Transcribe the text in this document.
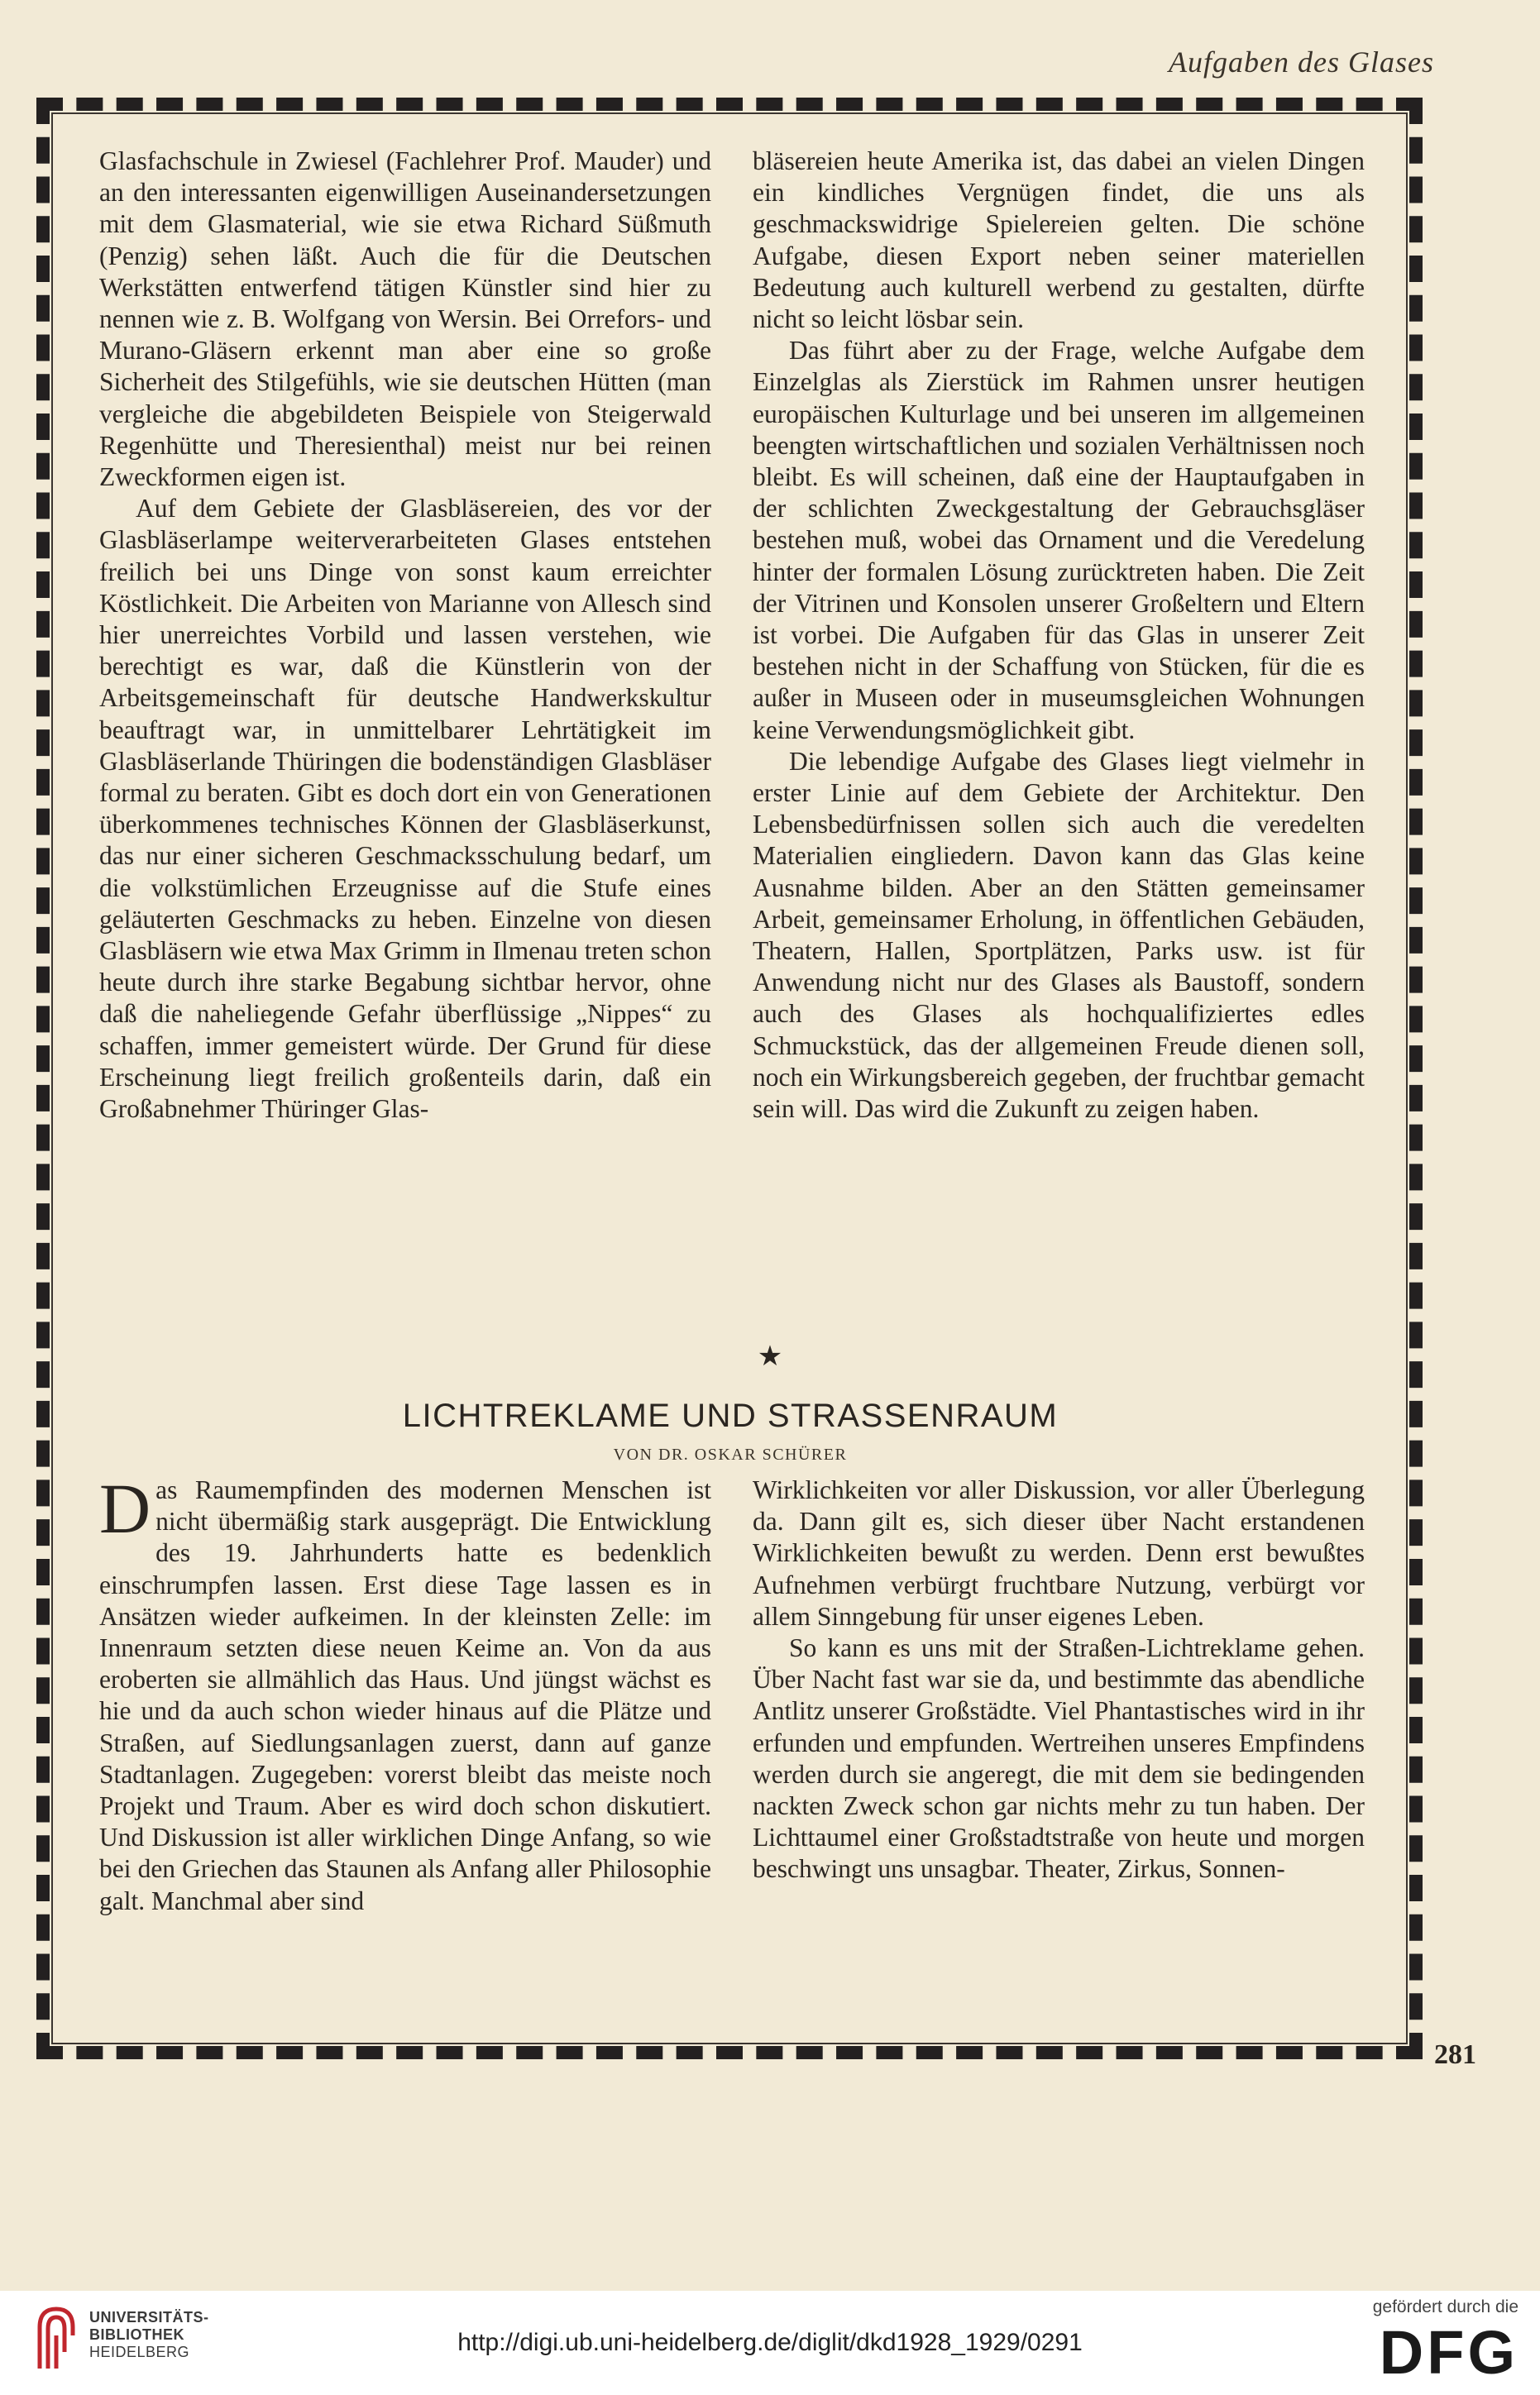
Aufgaben des Glases

Glasfachschule in Zwiesel (Fachlehrer Prof. Mauder) und an den interessanten eigenwilligen Auseinandersetzungen mit dem Glasmaterial, wie sie etwa Richard Süßmuth (Penzig) sehen läßt. Auch die für die Deutschen Werkstätten entwerfend tätigen Künstler sind hier zu nennen wie z. B. Wolfgang von Wersin. Bei Orrefors- und Murano-Gläsern erkennt man aber eine so große Sicherheit des Stilgefühls, wie sie deutschen Hütten (man vergleiche die abgebildeten Beispiele von Steigerwald Regenhütte und Theresienthal) meist nur bei reinen Zweckformen eigen ist.

Auf dem Gebiete der Glasbläsereien, des vor der Glasbläserlampe weiterverarbeiteten Glases entstehen freilich bei uns Dinge von sonst kaum erreichter Köstlichkeit. Die Arbeiten von Marianne von Allesch sind hier unerreichtes Vorbild und lassen verstehen, wie berechtigt es war, daß die Künstlerin von der Arbeitsgemeinschaft für deutsche Handwerkskultur beauftragt war, in unmittelbarer Lehrtätigkeit im Glasbläserlande Thüringen die bodenständigen Glasbläser formal zu beraten. Gibt es doch dort ein von Generationen überkommenes technisches Können der Glasbläserkunst, das nur einer sicheren Geschmacksschulung bedarf, um die volkstümlichen Erzeugnisse auf die Stufe eines geläuterten Geschmacks zu heben. Einzelne von diesen Glasbläsern wie etwa Max Grimm in Ilmenau treten schon heute durch ihre starke Begabung sichtbar hervor, ohne daß die naheliegende Gefahr überflüssige „Nippes“ zu schaffen, immer gemeistert würde. Der Grund für diese Erscheinung liegt freilich großenteils darin, daß ein Großabnehmer Thüringer Glas-

bläsereien heute Amerika ist, das dabei an vielen Dingen ein kindliches Vergnügen findet, die uns als geschmackswidrige Spielereien gelten. Die schöne Aufgabe, diesen Export neben seiner materiellen Bedeutung auch kulturell werbend zu gestalten, dürfte nicht so leicht lösbar sein.

Das führt aber zu der Frage, welche Aufgabe dem Einzelglas als Zierstück im Rahmen unsrer heutigen europäischen Kulturlage und bei unseren im allgemeinen beengten wirtschaftlichen und sozialen Verhältnissen noch bleibt. Es will scheinen, daß eine der Hauptaufgaben in der schlichten Zweckgestaltung der Gebrauchsgläser bestehen muß, wobei das Ornament und die Veredelung hinter der formalen Lösung zurücktreten haben. Die Zeit der Vitrinen und Konsolen unserer Großeltern und Eltern ist vorbei. Die Aufgaben für das Glas in unserer Zeit bestehen nicht in der Schaffung von Stücken, für die es außer in Museen oder in museumsgleichen Wohnungen keine Verwendungsmöglichkeit gibt.

Die lebendige Aufgabe des Glases liegt vielmehr in erster Linie auf dem Gebiete der Architektur. Den Lebensbedürfnissen sollen sich auch die veredelten Materialien eingliedern. Davon kann das Glas keine Ausnahme bilden. Aber an den Stätten gemeinsamer Arbeit, gemeinsamer Erholung, in öffentlichen Gebäuden, Theatern, Hallen, Sportplätzen, Parks usw. ist für Anwendung nicht nur des Glases als Baustoff, sondern auch des Glases als hochqualifiziertes edles Schmuckstück, das der allgemeinen Freude dienen soll, noch ein Wirkungsbereich gegeben, der fruchtbar gemacht sein will. Das wird die Zukunft zu zeigen haben.

★
LICHTREKLAME UND STRASSENRAUM
VON DR. OSKAR SCHÜRER

Das Raumempfinden des modernen Menschen ist nicht übermäßig stark ausgeprägt. Die Entwicklung des 19. Jahrhunderts hatte es bedenklich einschrumpfen lassen. Erst diese Tage lassen es in Ansätzen wieder aufkeimen. In der kleinsten Zelle: im Innenraum setzten diese neuen Keime an. Von da aus eroberten sie allmählich das Haus. Und jüngst wächst es hie und da auch schon wieder hinaus auf die Plätze und Straßen, auf Siedlungsanlagen zuerst, dann auf ganze Stadtanlagen. Zugegeben: vorerst bleibt das meiste noch Projekt und Traum. Aber es wird doch schon diskutiert. Und Diskussion ist aller wirklichen Dinge Anfang, so wie bei den Griechen das Staunen als Anfang aller Philosophie galt. Manchmal aber sind

Wirklichkeiten vor aller Diskussion, vor aller Überlegung da. Dann gilt es, sich dieser über Nacht erstandenen Wirklichkeiten bewußt zu werden. Denn erst bewußtes Aufnehmen verbürgt fruchtbare Nutzung, verbürgt vor allem Sinngebung für unser eigenes Leben.

So kann es uns mit der Straßen-Lichtreklame gehen. Über Nacht fast war sie da, und bestimmte das abendliche Antlitz unserer Großstädte. Viel Phantastisches wird in ihr erfunden und empfunden. Wertreihen unseres Empfindens werden durch sie angeregt, die mit dem sie bedingenden nackten Zweck schon gar nichts mehr zu tun haben. Der Lichttaumel einer Großstadtstraße von heute und morgen beschwingt uns unsagbar. Theater, Zirkus, Sonnen-

281
UNIVERSITÄTS-
BIBLIOTHEK
HEIDELBERG	http://digi.ub.uni-heidelberg.de/diglit/dkd1928_1929/0291
gefördert durch die
DFG
